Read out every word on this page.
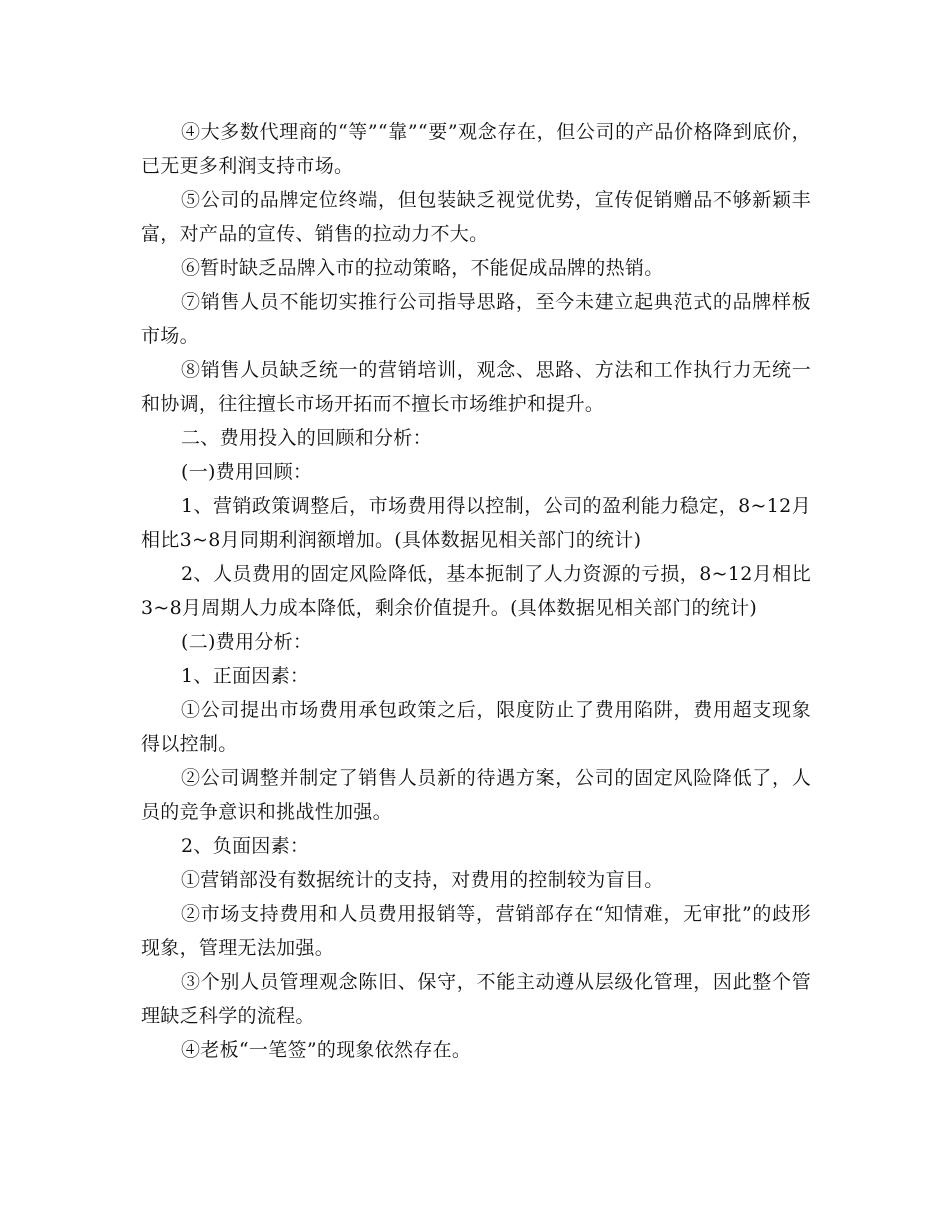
④大多数代理商的“等”“靠”“要”观念存在，但公司的产品价格降到底价，已无更多利润支持市场。

⑤公司的品牌定位终端，但包装缺乏视觉优势，宣传促销赠品不够新颖丰富，对产品的宣传、销售的拉动力不大。

⑥暂时缺乏品牌入市的拉动策略，不能促成品牌的热销。

⑦销售人员不能切实推行公司指导思路，至今未建立起典范式的品牌样板市场。

⑧销售人员缺乏统一的营销培训，观念、思路、方法和工作执行力无统一和协调，往往擅长市场开拓而不擅长市场维护和提升。

二、费用投入的回顾和分析：

(一)费用回顾：

1、营销政策调整后，市场费用得以控制，公司的盈利能力稳定，8~12月相比3~8月同期利润额增加。(具体数据见相关部门的统计)

2、人员费用的固定风险降低，基本扼制了人力资源的亏损，8~12月相比3~8月周期人力成本降低，剩余价值提升。(具体数据见相关部门的统计)

(二)费用分析：

1、正面因素：

①公司提出市场费用承包政策之后，限度防止了费用陷阱，费用超支现象得以控制。

②公司调整并制定了销售人员新的待遇方案，公司的固定风险降低了，人员的竞争意识和挑战性加强。

2、负面因素：

①营销部没有数据统计的支持，对费用的控制较为盲目。

②市场支持费用和人员费用报销等，营销部存在“知情难，无审批”的歧形现象，管理无法加强。

③个别人员管理观念陈旧、保守，不能主动遵从层级化管理，因此整个管理缺乏科学的流程。

④老板“一笔签”的现象依然存在。
